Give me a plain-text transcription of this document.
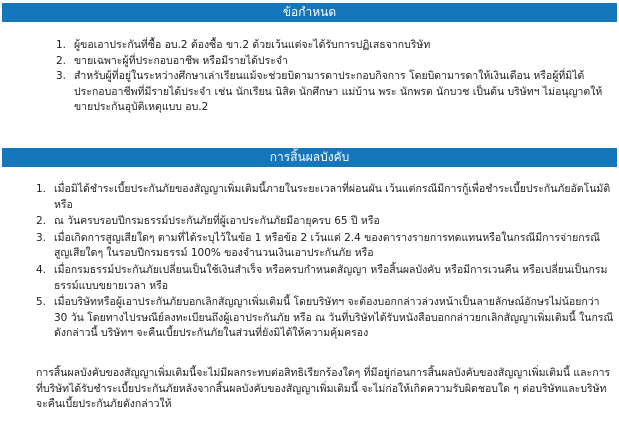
ข้อกำหนด
1. ผู้ขอเอาประกันที่ซื้อ อบ.2 ต้องซื้อ ขา.2 ด้วยเว้นแต่จะได้รับการปฏิเสธจากบริษัท
2. ขายเฉพาะผู้ที่ประกอบอาชีพ หรือมีรายได้ประจำ
3. สำหรับผู้ที่อยู่ในระหว่างศึกษาเล่าเรียนแม้จะช่วยบิดามารดาประกอบกิจการ โดยบิดามารดาให้เงินเดือน หรือผู้ที่มิได้ประกอบอาชีพที่มีรายได้ประจำ เช่น นักเรียน นิสิต นักศึกษา แม่บ้าน พระ นักพรต นักบวช เป็นต้น บริษัทฯ ไม่อนุญาตให้ขายประกันอุบัติเหตุแบบ อบ.2
การสิ้นผลบังคับ
1. เมื่อมิได้ชำระเบี้ยประกันภัยของสัญญาเพิ่มเติมนี้ภายในระยะเวลาที่ผ่อนผัน เว้นแต่กรณีมีการกู้เพื่อชำระเบี้ยประกันภัยอัตโนมัติ หรือ
2. ณ วันครบรอบปีกรมธรรม์ประกันภัยที่ผู้เอาประกันภัยมีอายุครบ 65 ปี หรือ
3. เมื่อเกิดการสูญเสียใดๆ ตามที่ได้ระบุไว้ในข้อ 1 หรือข้อ 2 เว้นแต่ 2.4 ของตารางรายการทดแทนหรือในกรณีมีการจ่ายกรณีสูญเสียใดๆ ในรอบปีกรมธรรม์ 100% ของจำนวนเงินเอาประกันภัย หรือ
4. เมื่อกรมธรรม์ประกันภัยเปลี่ยนเป็นใช้เงินสำเร็จ หรือครบกำหนดสัญญา หรือสิ้นผลบังคับ หรือมีการเวนคืน หรือเปลี่ยนเป็นกรมธรรม์แบบขยายเวลา หรือ
5. เมื่อบริษัทหรือผู้เอาประกันภัยบอกเลิกสัญญาเพิ่มเติมนี้ โดยบริษัทฯ จะต้องบอกกล่าวล่วงหน้าเป็นลายลักษณ์อักษรไม่น้อยกว่า 30 วัน โดยทางไปรษณีย์ลงทะเบียนถึงผู้เอาประกันภัย หรือ ณ วันที่บริษัทได้รับหนังสือบอกกล่าวยกเลิกสัญญาเพิ่มเติมนี้ ในกรณีดังกล่าวนี้ บริษัทฯ จะคืนเบี้ยประกันภัยในส่วนที่ยังมิได้ให้ความคุ้มครอง

การสิ้นผลบังคับของสัญญาเพิ่มเติมนี้จะไม่มีผลกระทบต่อสิทธิเรียกร้องใดๆ ที่มีอยู่ก่อนการสิ้นผลบังคับของสัญญาเพิ่มเติมนี้ และการที่บริษัทได้รับชำระเบี้ยประกันภัยหลังจากสิ้นผลบังคับของสัญญาเพิ่มเติมนี้ จะไม่ก่อให้เกิดความรับผิดชอบใด ๆ ต่อบริษัทและบริษัทจะคืนเบี้ยประกันภัยดังกล่าวให้
